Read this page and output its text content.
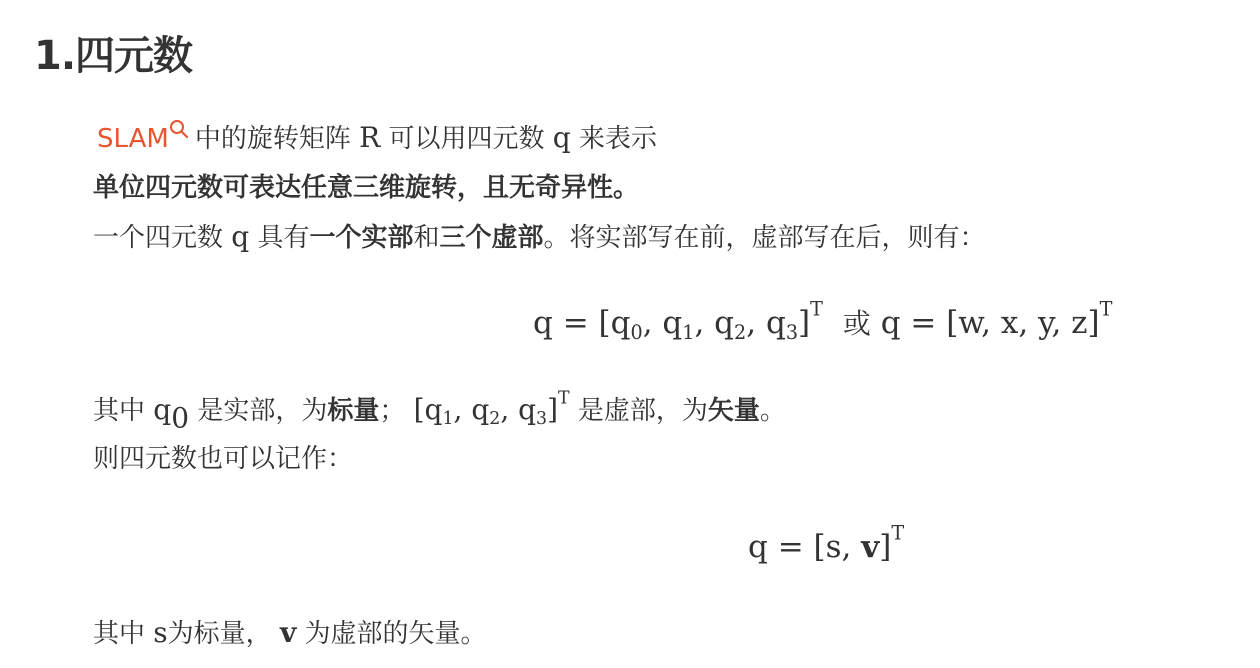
1.四元数
SLAM 中的旋转矩阵 R 可以用四元数 q 来表示
单位四元数可表达任意三维旋转，且无奇异性。
一个四元数 q 具有一个实部和三个虚部。将实部写在前，虚部写在后，则有：
$q = [q_0$, $q_1$, $q_2$, $q_3]^T$ 或 q = [w, x, y, z]$^T$
其中 $q_0$ 是实部，为标量； [$q_1$, $q_2$, $q_3]^T$ 是虚部，为矢量。
则四元数也可以记作：
q = [s, v]$^T$
其中 s为标量， v 为虚部的矢量。
